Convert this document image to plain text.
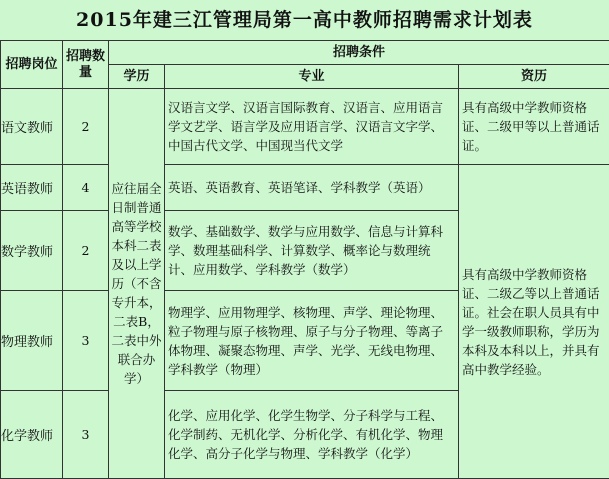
2015年建三江管理局第一高中教师招聘需求计划表
招聘岗位	招聘数量	招聘条件		
		学历	专业	资历
语文教师	2	应往届全日制普通高等学校本科二表及以上学历（不含专升本，二表B，二表中外联合办学）	汉语言文学、汉语言国际教育、汉语言、应用语言学文艺学、语言学及应用语言学、汉语言文字学、中国古代文学、中国现当代文学	具有高级中学教师资格证、二级甲等以上普通话证。
英语教师	4		英语、英语教育、英语笔译、学科教学（英语）	具有高级中学教师资格证、二级乙等以上普通话证。社会在职人员具有中学一级教师职称，学历为本科及本科以上，并具有高中教学经验。
数学教师	2		数学、基础数学、数学与应用数学、信息与计算科学、数理基础科学、计算数学、概率论与数理统计、应用数学、学科教学（数学）	
物理教师	3		物理学、应用物理学、核物理、声学、理论物理、粒子物理与原子核物理、原子与分子物理、等离子体物理、凝聚态物理、声学、光学、无线电物理、学科教学（物理）	
化学教师	3		化学、应用化学、化学生物学、分子科学与工程、化学制药、无机化学、分析化学、有机化学、物理化学、高分子化学与物理、学科教学（化学）	
